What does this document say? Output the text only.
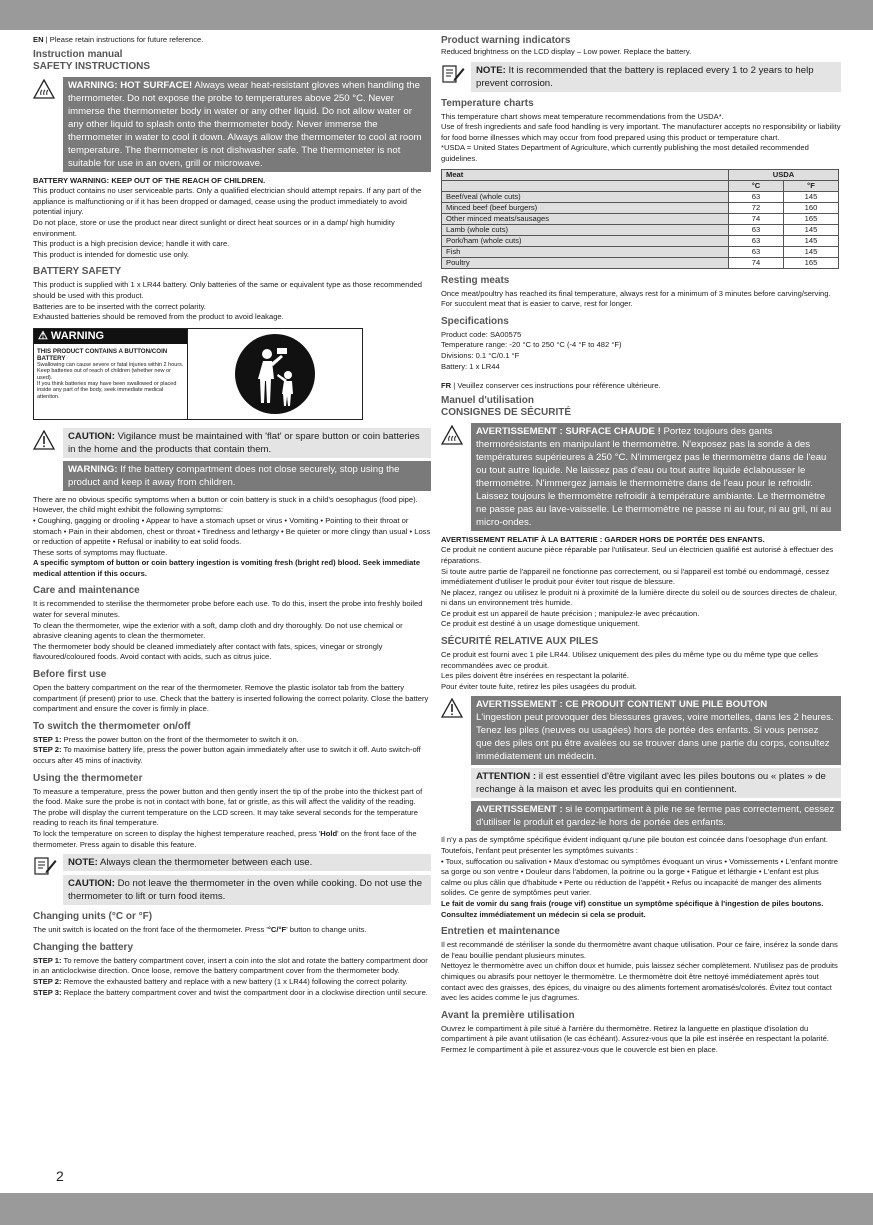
EN | Please retain instructions for future reference.

Instruction manual
SAFETY INSTRUCTIONS
WARNING: HOT SURFACE! Always wear heat-resistant gloves when handling the thermometer. Do not expose the probe to temperatures above 250 °C. Never immerse the thermometer body in water or any other liquid. Do not allow water or any other liquid to splash onto the thermometer body. Never immerse the thermometer in water to cool it down. Always allow the thermometer to cool at room temperature. The thermometer is not dishwasher safe. The thermometer is not suitable for use in an oven, grill or microwave.

BATTERY WARNING: KEEP OUT OF THE REACH OF CHILDREN.

This product contains no user serviceable parts. Only a qualified electrician should attempt repairs. If any part of the appliance is malfunctioning or if it has been dropped or damaged, cease using the product immediately to avoid potential injury.

Do not place, store or use the product near direct sunlight or direct heat sources or in a damp/ high humidity environment.

This product is a high precision device; handle it with care.

This product is intended for domestic use only.

BATTERY SAFETY

This product is supplied with 1 x LR44 battery. Only batteries of the same or equivalent type as those recommended should be used with this product.

Batteries are to be inserted with the correct polarity.

Exhausted batteries should be removed from the product to avoid leakage.

⚠ WARNING
THIS PRODUCT CONTAINS A BUTTON/COIN BATTERY
Swallowing can cause severe or fatal injuries within 2 hours.
Keep batteries out of reach of children (whether new or used).
If you think batteries may have been swallowed or placed inside any part of the body, seek immediate medical attention.
CAUTION: Vigilance must be maintained with 'flat' or spare button or coin batteries in the home and the products that contain them.
WARNING: If the battery compartment does not close securely, stop using the product and keep it away from children.

There are no obvious specific symptoms when a button or coin battery is stuck in a child's oesophagus (food pipe). However, the child might exhibit the following symptoms:

• Coughing, gagging or drooling • Appear to have a stomach upset or virus • Vomiting • Pointing to their throat or stomach • Pain in their abdomen, chest or throat • Tiredness and lethargy • Be quieter or more clingy than usual • Loss or reduction of appetite • Refusal or inability to eat solid foods.

These sorts of symptoms may fluctuate.

A specific symptom of button or coin battery ingestion is vomiting fresh (bright red) blood. Seek immediate medical attention if this occurs.

Care and maintenance

It is recommended to sterilise the thermometer probe before each use. To do this, insert the probe into freshly boiled water for several minutes.

To clean the thermometer, wipe the exterior with a soft, damp cloth and dry thoroughly. Do not use chemical or abrasive cleaning agents to clean the thermometer.

The thermometer body should be cleaned immediately after contact with fats, spices, vinegar or strongly flavoured/coloured foods. Avoid contact with acids, such as citrus juice.

Before first use

Open the battery compartment on the rear of the thermometer. Remove the plastic isolator tab from the battery compartment (if present) prior to use. Check that the battery is inserted following the correct polarity. Close the battery compartment and ensure the cover is firmly in place.

To switch the thermometer on/off

STEP 1: Press the power button on the front of the thermometer to switch it on.

STEP 2: To maximise battery life, press the power button again immediately after use to switch it off. Auto switch-off occurs after 45 mins of inactivity.

Using the thermometer

To measure a temperature, press the power button and then gently insert the tip of the probe into the thickest part of the food. Make sure the probe is not in contact with bone, fat or gristle, as this will affect the validity of the reading.

The probe will display the current temperature on the LCD screen. It may take several seconds for the temperature reading to reach its final temperature.

To lock the temperature on screen to display the highest temperature reached, press 'Hold' on the front face of the thermometer. Press again to disable this feature.

NOTE: Always clean the thermometer between each use.
CAUTION: Do not leave the thermometer in the oven while cooking. Do not use the thermometer to lift or turn food items.
Changing units (°C or °F)

The unit switch is located on the front face of the thermometer. Press '°C/°F' button to change units.

Changing the battery

STEP 1: To remove the battery compartment cover, insert a coin into the slot and rotate the battery compartment door in an anticlockwise direction. Once loose, remove the battery compartment cover from the thermometer body.

STEP 2: Remove the exhausted battery and replace with a new battery (1 x LR44) following the correct polarity.

STEP 3: Replace the battery compartment cover and twist the compartment door in a clockwise direction until secure.

Product warning indicators

Reduced brightness on the LCD display – Low power. Replace the battery.

NOTE: It is recommended that the battery is replaced every 1 to 2 years to help prevent corrosion.
Temperature charts

This temperature chart shows meat temperature recommendations from the USDA*.

Use of fresh ingredients and safe food handling is very important. The manufacturer accepts no responsibility or liability for food borne illnesses which may occur from food prepared using this product or temperature chart.

*USDA = United States Department of Agriculture, which currently publishing the most detailed recommended guidelines.

Meat	USDA	
	°C	°F
Beef/veal (whole cuts)	63	145
Minced beef (beef burgers)	72	160
Other minced meats/sausages	74	165
Lamb (whole cuts)	63	145
Pork/ham (whole cuts)	63	145
Fish	63	145
Poultry	74	165
Resting meats

Once meat/poultry has reached its final temperature, always rest for a minimum of 3 minutes before carving/serving.

For succulent meat that is easier to carve, rest for longer.

Specifications

Product code: SA00575

Temperature range: -20 °C to 250 °C (-4 °F to 482 °F)

Divisions: 0.1 °C/0.1 °F

Battery: 1 x LR44

FR | Veuillez conserver ces instructions pour référence ultérieure.

Manuel d'utilisation
CONSIGNES DE SÉCURITÉ
AVERTISSEMENT : SURFACE CHAUDE ! Portez toujours des gants thermorésistants en manipulant le thermomètre. N'exposez pas la sonde à des températures supérieures à 250 °C. N'immergez pas le thermomètre dans de l'eau ou tout autre liquide. Ne laissez pas d'eau ou tout autre liquide éclabousser le thermomètre. N'immergez jamais le thermomètre dans de l'eau pour le refroidir. Laissez toujours le thermomètre refroidir à température ambiante. Le thermomètre ne passe pas au lave-vaisselle. Le thermomètre ne passe ni au four, ni au gril, ni au micro-ondes.

AVERTISSEMENT RELATIF À LA BATTERIE : GARDER HORS DE PORTÉE DES ENFANTS.

Ce produit ne contient aucune pièce réparable par l'utilisateur. Seul un électricien qualifié est autorisé à effectuer des réparations.

Si toute autre partie de l'appareil ne fonctionne pas correctement, ou si l'appareil est tombé ou endommagé, cessez immédiatement d'utiliser le produit pour éviter tout risque de blessure.

Ne placez, rangez ou utilisez le produit ni à proximité de la lumière directe du soleil ou de sources directes de chaleur, ni dans un environnement très humide.

Ce produit est un appareil de haute précision ; manipulez-le avec précaution.

Ce produit est destiné à un usage domestique uniquement.

SÉCURITÉ RELATIVE AUX PILES

Ce produit est fourni avec 1 pile LR44. Utilisez uniquement des piles du même type ou du même type que celles recommandées avec ce produit.

Les piles doivent être insérées en respectant la polarité.

Pour éviter toute fuite, retirez les piles usagées du produit.

AVERTISSEMENT : CE PRODUIT CONTIENT UNE PILE BOUTON
L'ingestion peut provoquer des blessures graves, voire mortelles, dans les 2 heures. Tenez les piles (neuves ou usagées) hors de portée des enfants. Si vous pensez que des piles ont pu être avalées ou se trouver dans une partie du corps, consultez immédiatement un médecin.
ATTENTION : il est essentiel d'être vigilant avec les piles boutons ou « plates » de rechange à la maison et avec les produits qui en contiennent.
AVERTISSEMENT : si le compartiment à pile ne se ferme pas correctement, cessez d'utiliser le produit et gardez-le hors de portée des enfants.

Il n'y a pas de symptôme spécifique évident indiquant qu'une pile bouton est coincée dans l'oesophage d'un enfant. Toutefois, l'enfant peut présenter les symptômes suivants :

• Toux, suffocation ou salivation • Maux d'estomac ou symptômes évoquant un virus • Vomissements • L'enfant montre sa gorge ou son ventre • Douleur dans l'abdomen, la poitrine ou la gorge • Fatigue et léthargie • L'enfant est plus calme ou plus câlin que d'habitude • Perte ou réduction de l'appétit • Refus ou incapacité de manger des aliments solides. Ce genre de symptômes peut varier.

Le fait de vomir du sang frais (rouge vif) constitue un symptôme spécifique à l'ingestion de piles boutons. Consultez immédiatement un médecin si cela se produit.

Entretien et maintenance

Il est recommandé de stériliser la sonde du thermomètre avant chaque utilisation. Pour ce faire, insérez la sonde dans de l'eau bouillie pendant plusieurs minutes.

Nettoyez le thermomètre avec un chiffon doux et humide, puis laissez sécher complètement. N'utilisez pas de produits chimiques ou abrasifs pour nettoyer le thermomètre. Le thermomètre doit être nettoyé immédiatement après tout contact avec des graisses, des épices, du vinaigre ou des aliments fortement aromatisés/colorés. Évitez tout contact avec les acides comme le jus d'agrumes.

Avant la première utilisation

Ouvrez le compartiment à pile situé à l'arrière du thermomètre. Retirez la languette en plastique d'isolation du compartiment à pile avant utilisation (le cas échéant). Assurez-vous que la pile est insérée en respectant la polarité. Fermez le compartiment à pile et assurez-vous que le couvercle est bien en place.

2
